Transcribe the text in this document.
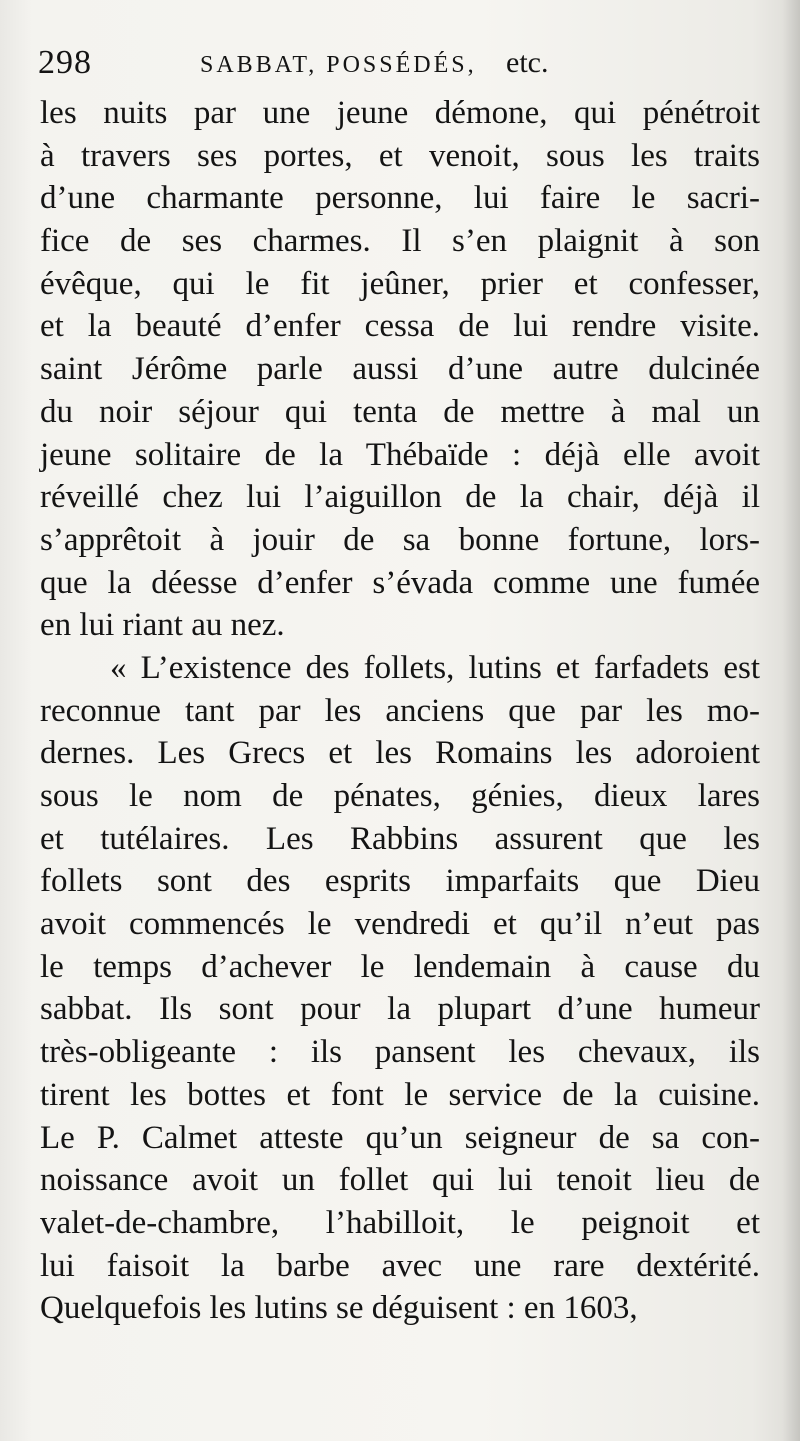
298	SABBAT, POSSÉDÉS, etc.
les nuits par une jeune démone, qui pénétroit
à travers ses portes, et venoit, sous les traits
d’une charmante personne, lui faire le sacri-
fice de ses charmes. Il s’en plaignit à son
évêque, qui le fit jeûner, prier et confesser,
et la beauté d’enfer cessa de lui rendre visite.
saint Jérôme parle aussi d’une autre dulcinée
du noir séjour qui tenta de mettre à mal un
jeune solitaire de la Thébaïde : déjà elle avoit
réveillé chez lui l’aiguillon de la chair, déjà il
s’apprêtoit à jouir de sa bonne fortune, lors-
que la déesse d’enfer s’évada comme une fumée
en lui riant au nez.
« L’existence des follets, lutins et farfadets est
reconnue tant par les anciens que par les mo-
dernes. Les Grecs et les Romains les adoroient
sous le nom de pénates, génies, dieux lares
et tutélaires. Les Rabbins assurent que les
follets sont des esprits imparfaits que Dieu
avoit commencés le vendredi et qu’il n’eut pas
le temps d’achever le lendemain à cause du
sabbat. Ils sont pour la plupart d’une humeur
très-obligeante : ils pansent les chevaux, ils
tirent les bottes et font le service de la cuisine.
Le P. Calmet atteste qu’un seigneur de sa con-
noissance avoit un follet qui lui tenoit lieu de
valet-de-chambre, l’habilloit, le peignoit et
lui faisoit la barbe avec une rare dextérité.
Quelquefois les lutins se déguisent : en 1603,
